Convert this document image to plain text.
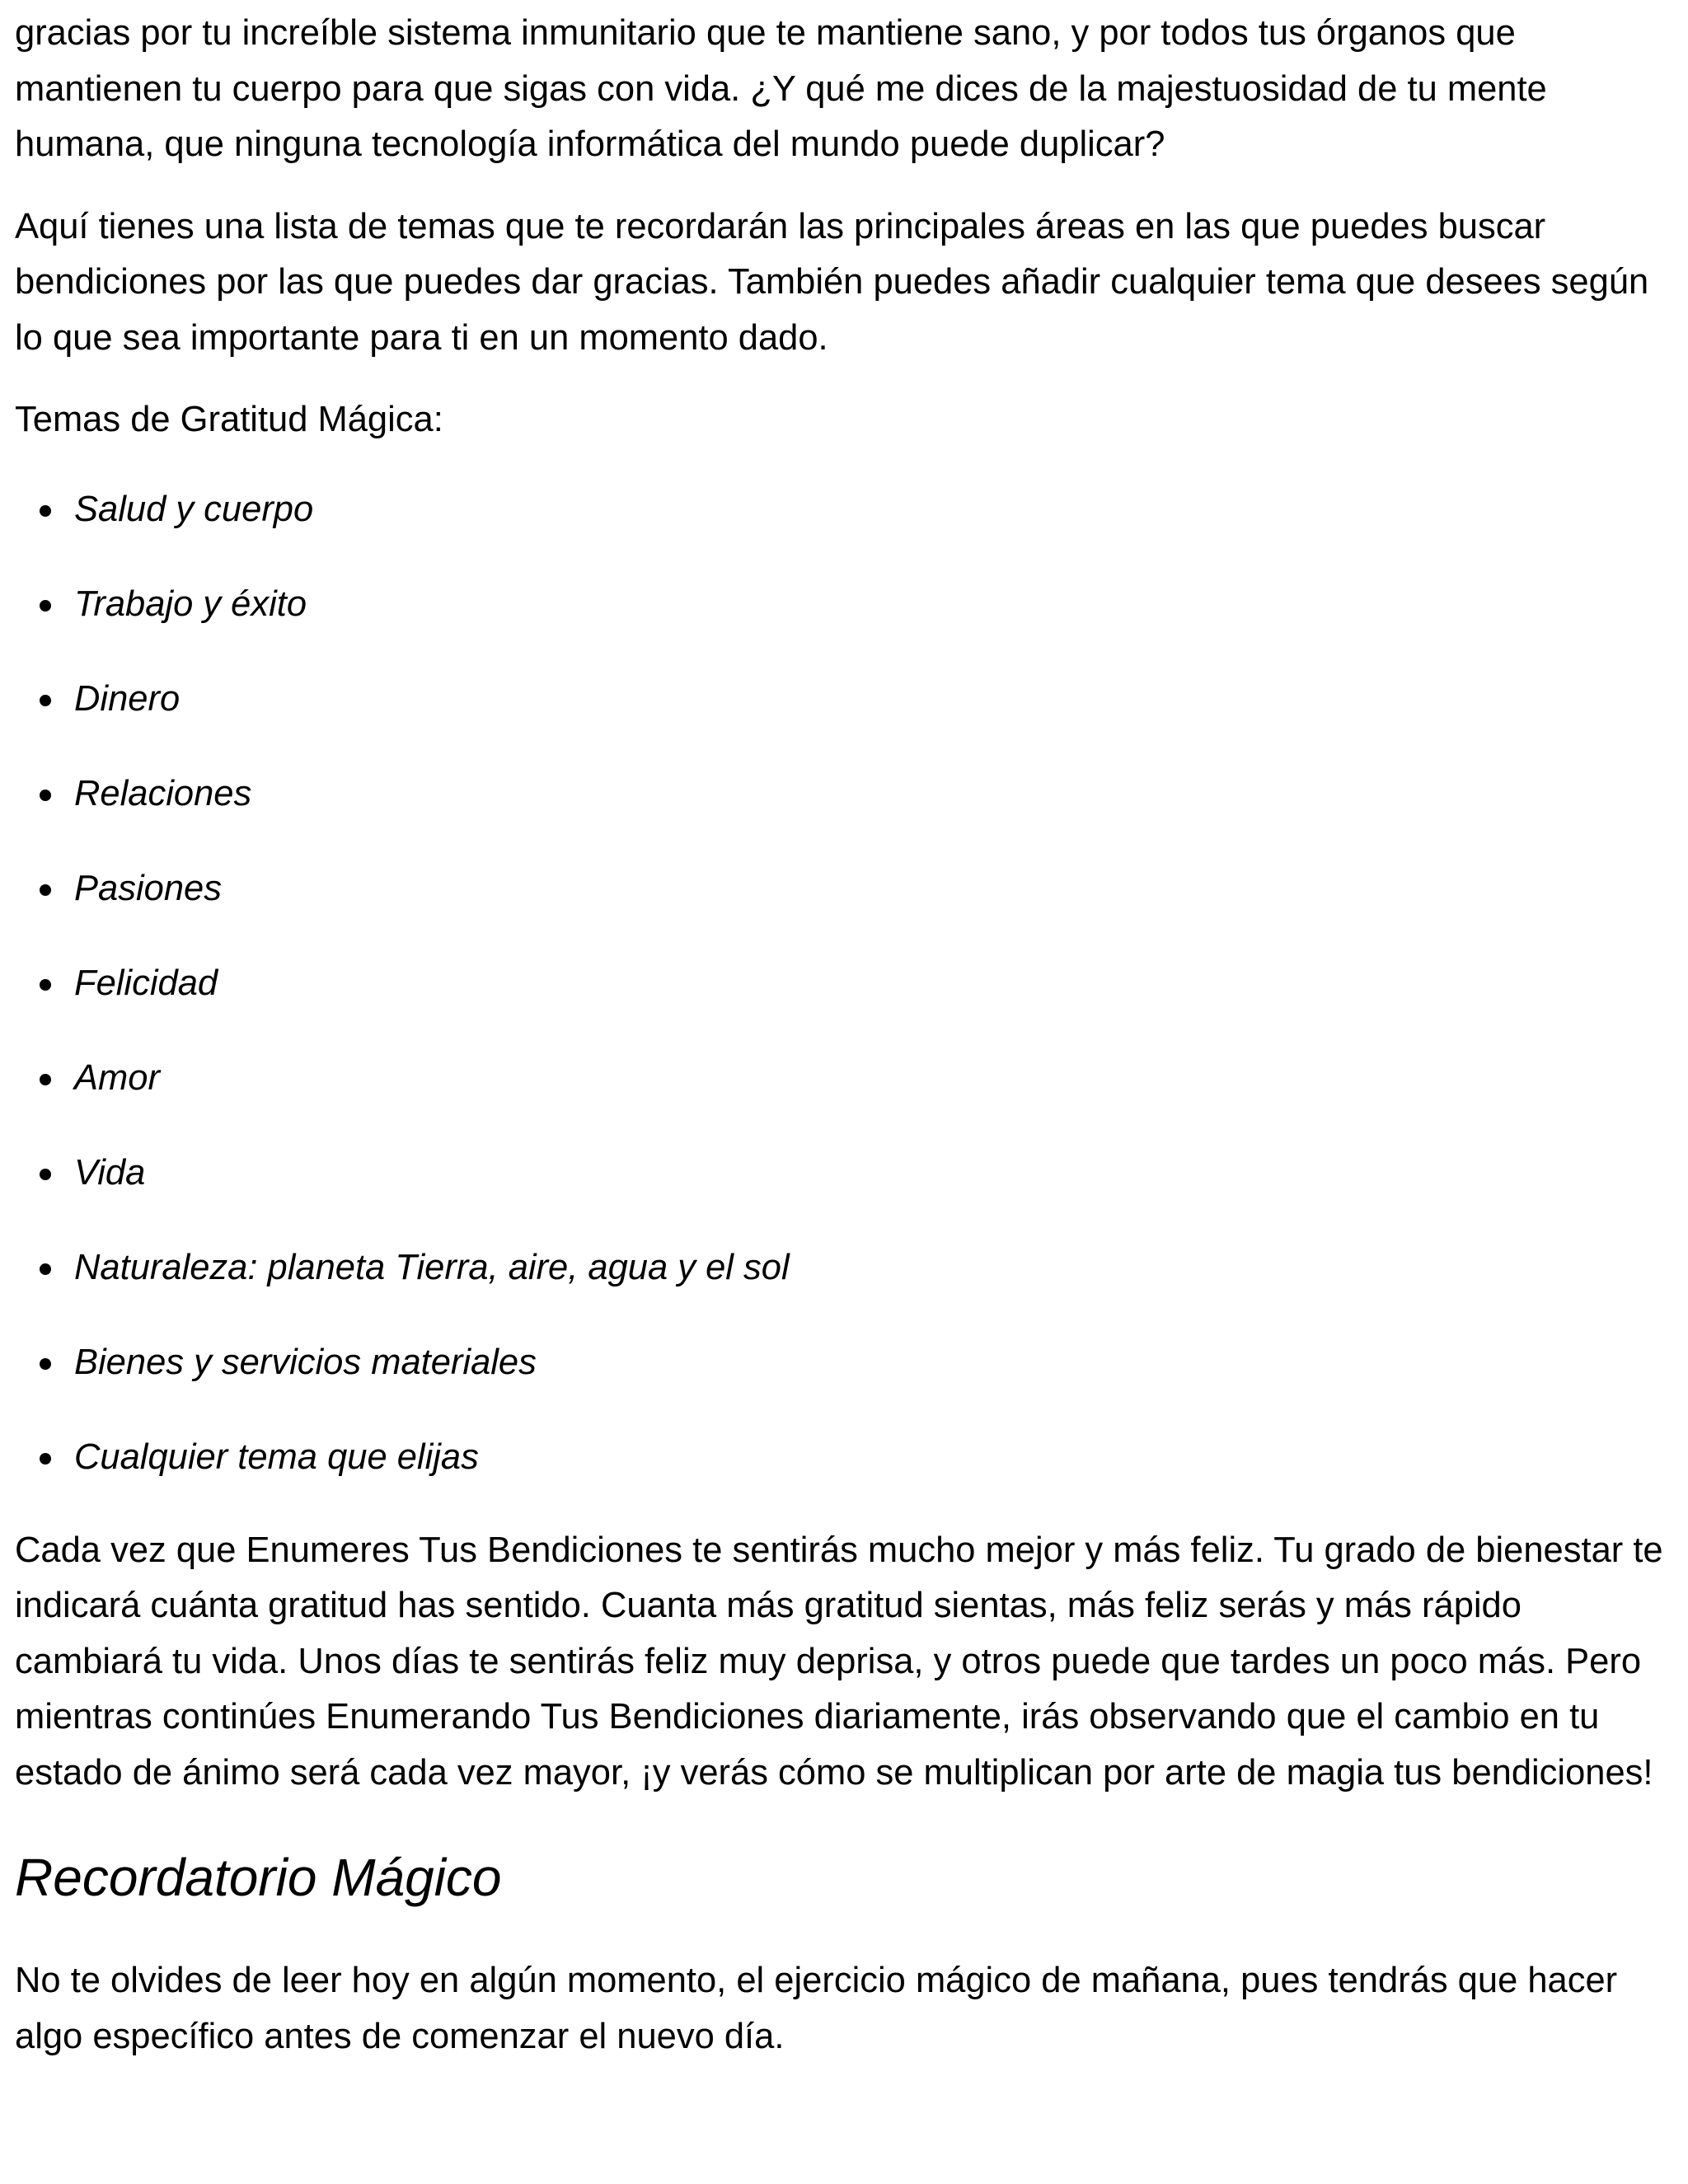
gracias por tu increíble sistema inmunitario que te mantiene sano, y por todos tus órganos que mantienen tu cuerpo para que sigas con vida. ¿Y qué me dices de la majestuosidad de tu mente humana, que ninguna tecnología informática del mundo puede duplicar?

Aquí tienes una lista de temas que te recordarán las principales áreas en las que puedes buscar bendiciones por las que puedes dar gracias. También puedes añadir cualquier tema que desees según lo que sea importante para ti en un momento dado.

Temas de Gratitud Mágica:

Salud y cuerpo
Trabajo y éxito
Dinero
Relaciones
Pasiones
Felicidad
Amor
Vida
Naturaleza: planeta Tierra, aire, agua y el sol
Bienes y servicios materiales
Cualquier tema que elijas

Cada vez que Enumeres Tus Bendiciones te sentirás mucho mejor y más feliz. Tu grado de bienestar te indicará cuánta gratitud has sentido. Cuanta más gratitud sientas, más feliz serás y más rápido cambiará tu vida. Unos días te sentirás feliz muy deprisa, y otros puede que tardes un poco más. Pero mientras continúes Enumerando Tus Bendiciones diariamente, irás observando que el cambio en tu estado de ánimo será cada vez mayor, ¡y verás cómo se multiplican por arte de magia tus bendiciones!

Recordatorio Mágico

No te olvides de leer hoy en algún momento, el ejercicio mágico de mañana, pues tendrás que hacer algo específico antes de comenzar el nuevo día.
